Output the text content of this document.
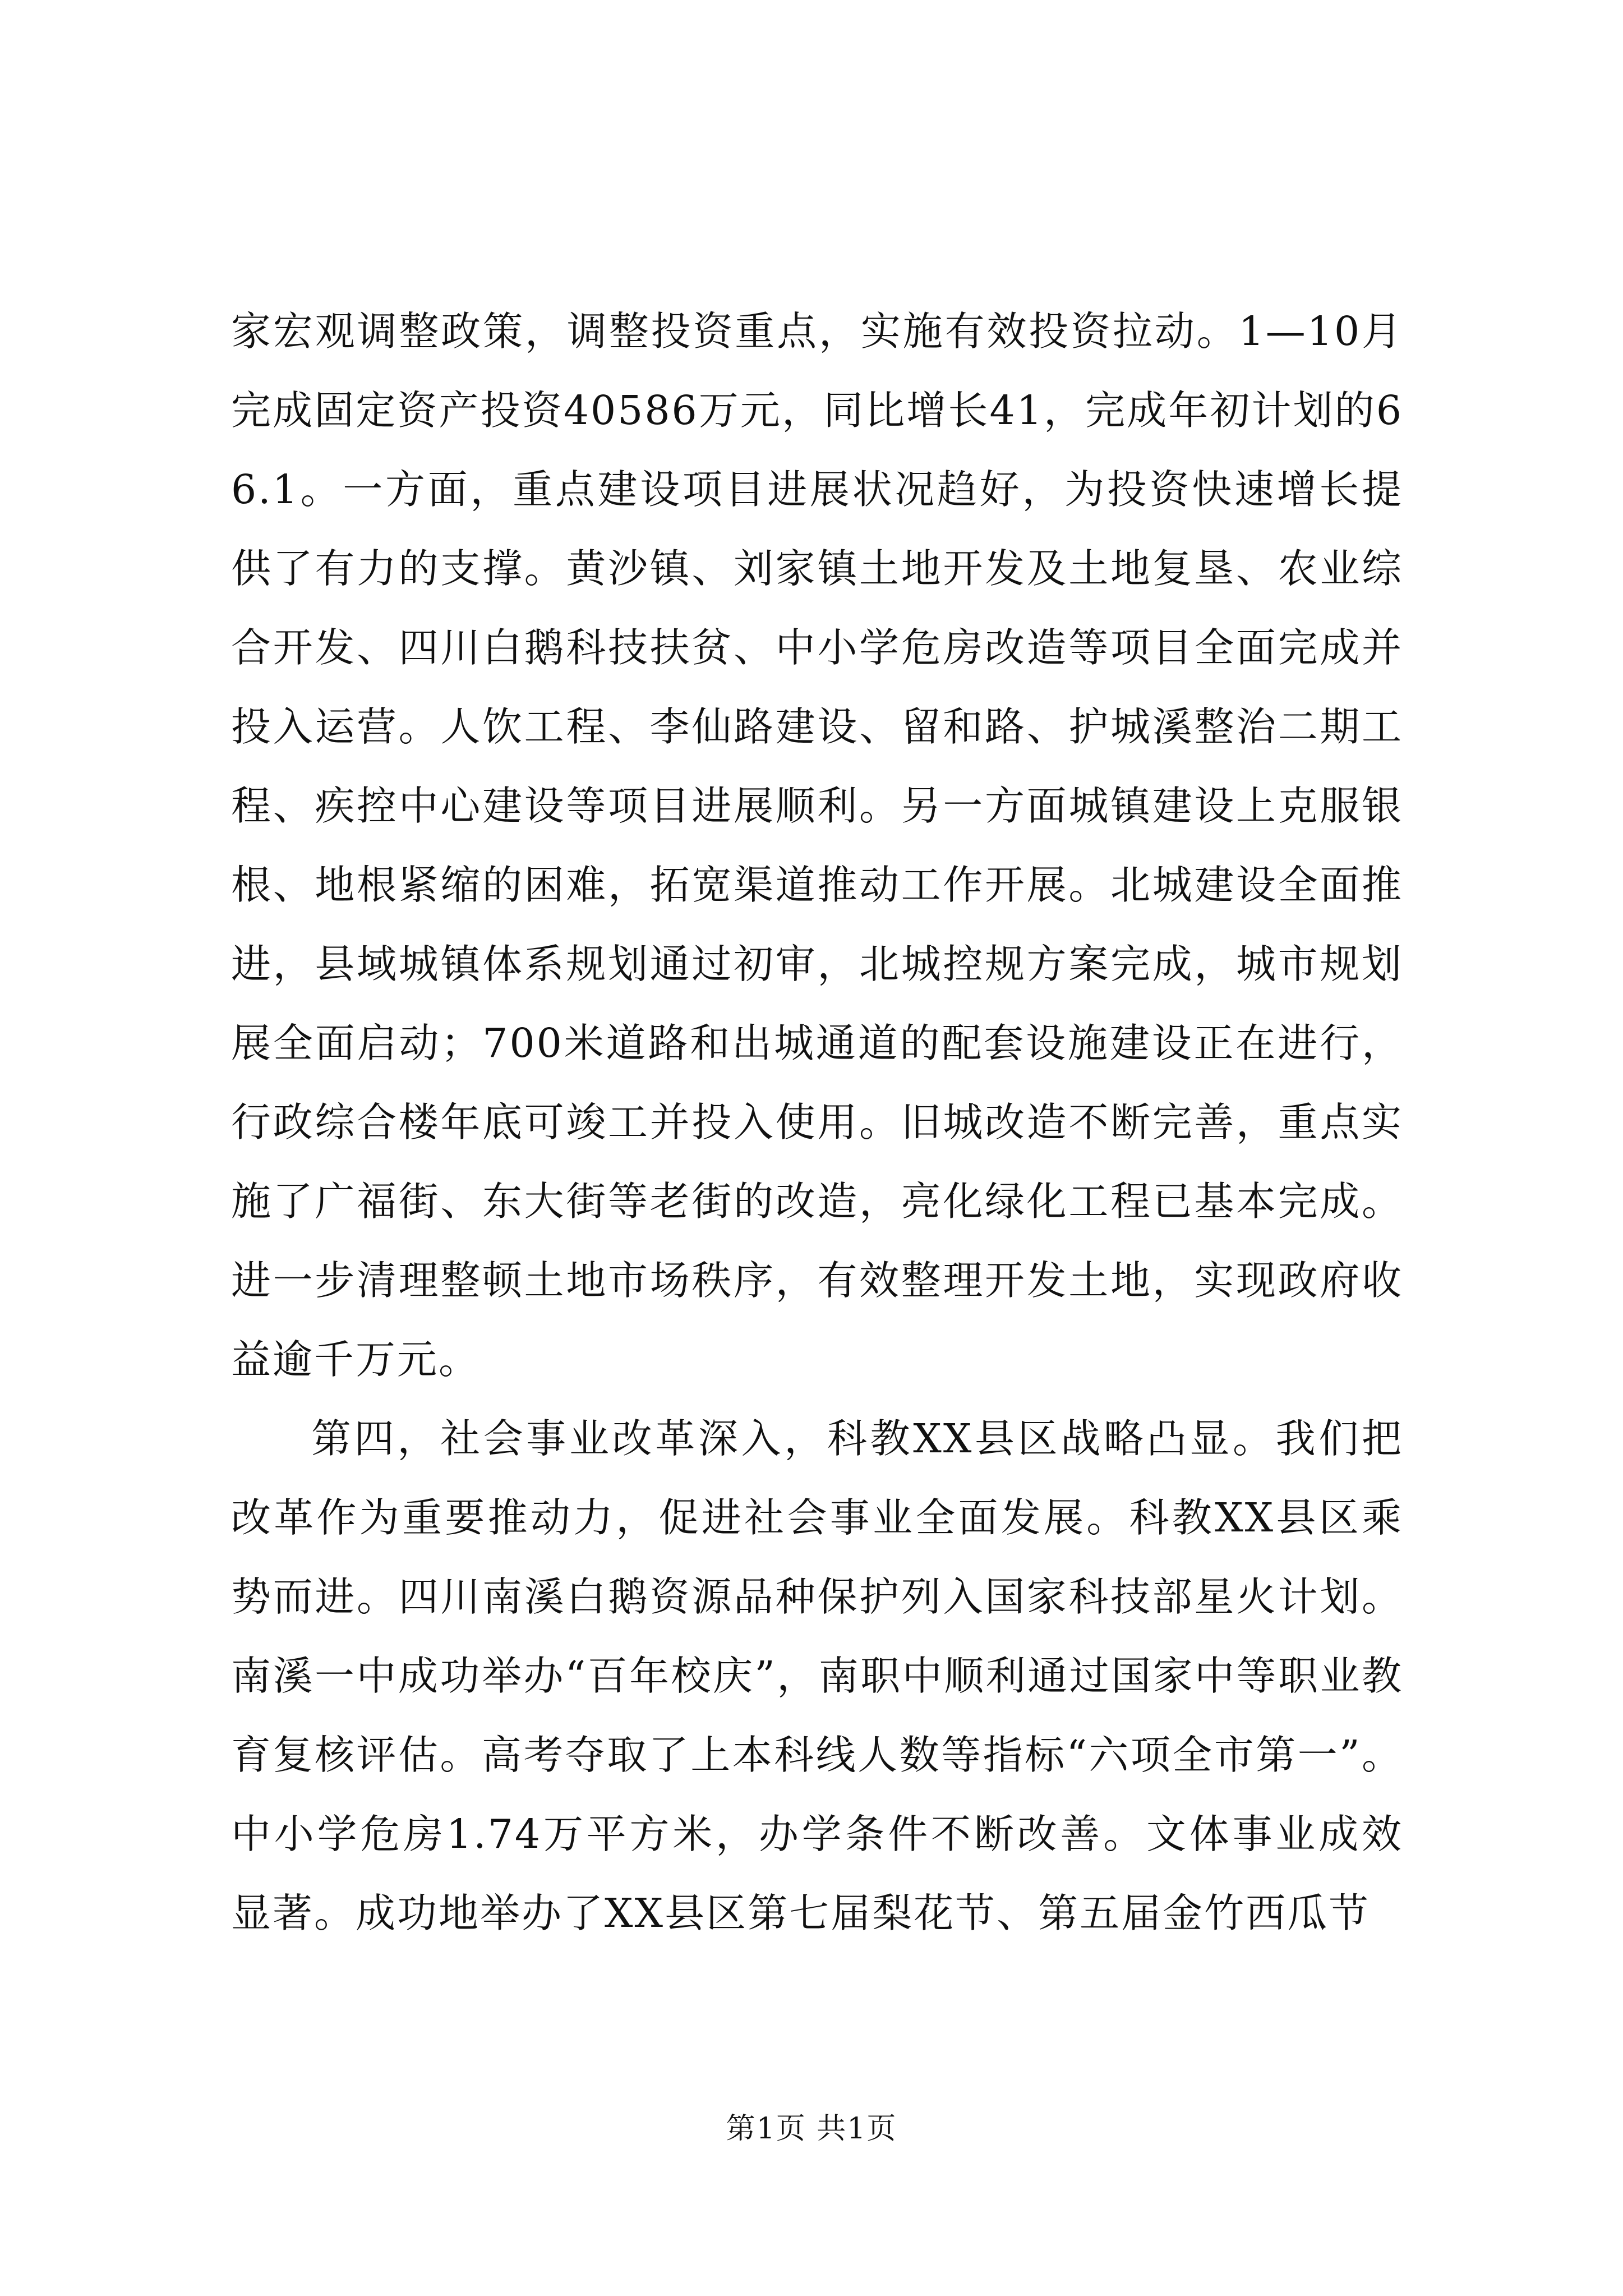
家宏观调整政策，调整投资重点，实施有效投资拉动。1—10月完成固定资产投资40586万元，同比增长41，完成年初计划的66.1。一方面，重点建设项目进展状况趋好，为投资快速增长提供了有力的支撑。黄沙镇、刘家镇土地开发及土地复垦、农业综合开发、四川白鹅科技扶贫、中小学危房改造等项目全面完成并投入运营。人饮工程、李仙路建设、留和路、护城溪整治二期工程、疾控中心建设等项目进展顺利。另一方面城镇建设上克服银根、地根紧缩的困难，拓宽渠道推动工作开展。北城建设全面推进，县域城镇体系规划通过初审，北城控规方案完成，城市规划展全面启动；700米道路和出城通道的配套设施建设正在进行，行政综合楼年底可竣工并投入使用。旧城改造不断完善，重点实施了广福街、东大街等老街的改造，亮化绿化工程已基本完成。进一步清理整顿土地市场秩序，有效整理开发土地，实现政府收益逾千万元。

第四，社会事业改革深入，科教XX县区战略凸显。我们把改革作为重要推动力，促进社会事业全面发展。科教XX县区乘势而进。四川南溪白鹅资源品种保护列入国家科技部星火计划。南溪一中成功举办“百年校庆”，南职中顺利通过国家中等职业教育复核评估。高考夺取了上本科线人数等指标“六项全市第一”。中小学危房1.74万平方米，办学条件不断改善。文体事业成效显著。成功地举办了XX县区第七届梨花节、第五届金竹西瓜节

第1页 共1页
